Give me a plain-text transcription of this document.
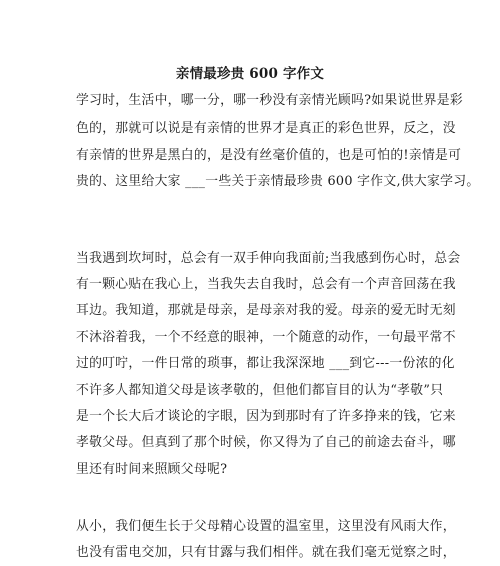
亲情最珍贵 600 字作文
学习时，生活中，哪一分，哪一秒没有亲情光顾吗?如果说世界是彩
色的，那就可以说是有亲情的世界才是真正的彩色世界，反之，没
有亲情的世界是黑白的，是没有丝毫价值的，也是可怕的!亲情是可
贵的、这里给大家 ___一些关于亲情最珍贵 600 字作文,供大家学习。
当我遇到坎坷时，总会有一双手伸向我面前;当我感到伤心时，总会
有一颗心贴在我心上，当我失去自我时，总会有一个声音回荡在我
耳边。我知道，那就是母亲，是母亲对我的爱。母亲的爱无时无刻
不沐浴着我，一个不经意的眼神，一个随意的动作，一句最平常不
过的叮咛，一件日常的琐事，都让我深深地 ___到它---一份浓的化
不许多人都知道父母是该孝敬的，但他们都盲目的认为“孝敬”只
是一个长大后才谈论的字眼，因为到那时有了许多挣来的钱，它来
孝敬父母。但真到了那个时候，你又得为了自己的前途去奋斗，哪
里还有时间来照顾父母呢?
从小，我们便生长于父母精心设置的温室里，这里没有风雨大作，
也没有雷电交加，只有甘露与我们相伴。就在我们毫无觉察之时，
